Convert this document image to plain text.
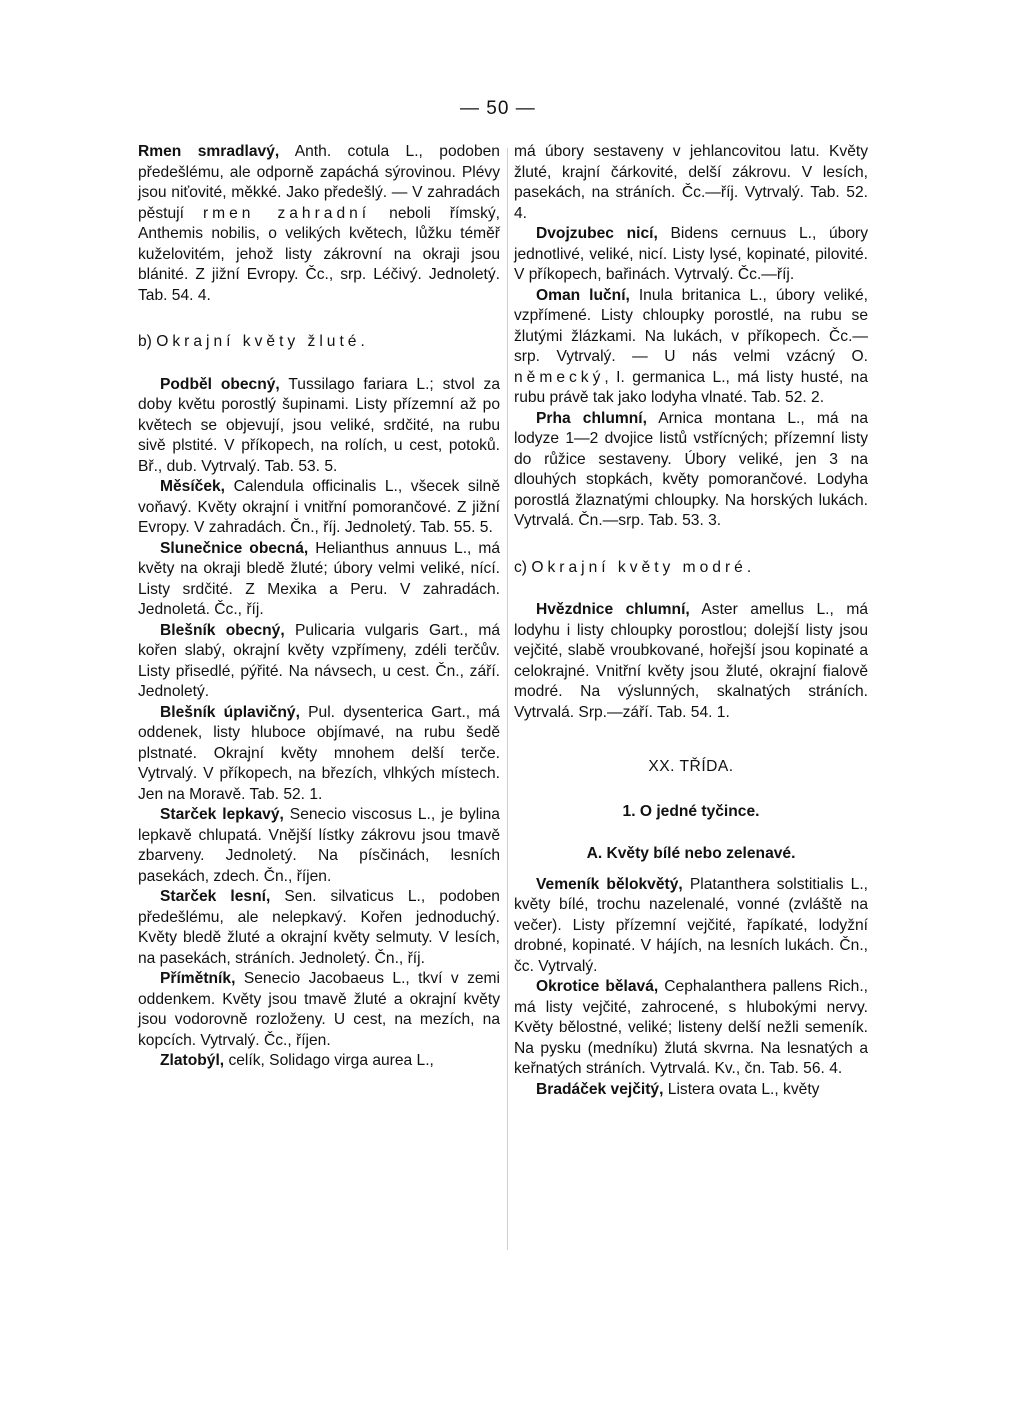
— 50 —

Rmen smradlavý, Anth. cotula L., podoben předešlému, ale odporně zapáchá sýrovinou. Plévy jsou niťovité, měkké. Jako předešlý. — V zahradách pěstují rmen zahradní neboli římský, Anthemis nobilis, o velikých květech, lůžku téměř kuželovitém, jehož listy zákrovní na okraji jsou blánité. Z jižní Evropy. Čc., srp. Léčivý. Jednoletý. Tab. 54. 4.

b) Okrajní květy žluté.

Podběl obecný, Tussilago fariara L.; stvol za doby květu porostlý šupinami. Listy přízemní až po květech se objevují, jsou veliké, srdčité, na rubu sivě plstité. V příkopech, na rolích, u cest, potoků. Bř., dub. Vytrvalý. Tab. 53. 5.

Měsíček, Calendula officinalis L., všecek silně voňavý. Květy okrajní i vnitřní pomorančové. Z jižní Evropy. V zahradách. Čn., říj. Jednoletý. Tab. 55. 5.

Slunečnice obecná, Helianthus annuus L., má květy na okraji bledě žluté; úbory velmi veliké, nící. Listy srdčité. Z Mexika a Peru. V zahradách. Jednoletá. Čc., říj.

Blešník obecný, Pulicaria vulgaris Gart., má kořen slabý, okrajní květy vzpřímeny, zdéli terčův. Listy přisedlé, pýřité. Na návsech, u cest. Čn., září. Jednoletý.

Blešník úplavičný, Pul. dysenterica Gart., má oddenek, listy hluboce objímavé, na rubu šedě plstnaté. Okrajní květy mnohem delší terče. Vytrvalý. V příkopech, na březích, vlhkých místech. Jen na Moravě. Tab. 52. 1.

Starček lepkavý, Senecio viscosus L., je bylina lepkavě chlupatá. Vnější lístky zákrovu jsou tmavě zbarveny. Jednoletý. Na písčinách, lesních pasekách, zdech. Čn., říjen.

Starček lesní, Sen. silvaticus L., podoben předešlému, ale nelepkavý. Kořen jednoduchý. Květy bledě žluté a okrajní květy selmuty. V lesích, na pasekách, stráních. Jednoletý. Čn., říj.

Přímětník, Senecio Jacobaeus L., tkví v zemi oddenkem. Květy jsou tmavě žluté a okrajní květy jsou vodorovně rozloženy. U cest, na mezích, na kopcích. Vytrvalý. Čc., říjen.

Zlatobýl, celík, Solidago virga aurea L.,

má úbory sestaveny v jehlancovitou latu. Květy žluté, krajní čárkovité, delší zákrovu. V lesích, pasekách, na stráních. Čc.—říj. Vytrvalý. Tab. 52. 4.

Dvojzubec nicí, Bidens cernuus L., úbory jednotlivé, veliké, nicí. Listy lysé, kopinaté, pilovité. V příkopech, bařinách. Vytrvalý. Čc.—říj.

Oman luční, Inula britanica L., úbory veliké, vzpřímené. Listy chloupky porostlé, na rubu se žlutými žlázkami. Na lukách, v příkopech. Čc.—srp. Vytrvalý. — U nás velmi vzácný O. německý, I. germanica L., má listy husté, na rubu právě tak jako lodyha vlnaté. Tab. 52. 2.

Prha chlumní, Arnica montana L., má na lodyze 1—2 dvojice listů vstřícných; přízemní listy do růžice sestaveny. Úbory veliké, jen 3 na dlouhých stopkách, květy pomorančové. Lodyha porostlá žlaznatými chloupky. Na horských lukách. Vytrvalá. Čn.—srp. Tab. 53. 3.

c) Okrajní květy modré.

Hvězdnice chlumní, Aster amellus L., má lodyhu i listy chloupky porostlou; dolejší listy jsou vejčité, slabě vroubkované, hořejší jsou kopinaté a celokrajné. Vnitřní květy jsou žluté, okrajní fialově modré. Na výslunných, skalnatých stráních. Vytrvalá. Srp.—září. Tab. 54. 1.

XX. TŘÍDA.

1. O jedné tyčince.

A. Květy bílé nebo zelenavé.

Vemeník bělokvětý, Platanthera solstitialis L., květy bílé, trochu nazelenalé, vonné (zvláště na večer). Listy přízemní vejčité, řapíkaté, lodyžní drobné, kopinaté. V hájích, na lesních lukách. Čn., čc. Vytrvalý.

Okrotice bělavá, Cephalanthera pallens Rich., má listy vejčité, zahrocené, s hlubokými nervy. Květy bělostné, veliké; listeny delší nežli semeník. Na pysku (medníku) žlutá skvrna. Na lesnatých a keřnatých stráních. Vytrvalá. Kv., čn. Tab. 56. 4.

Bradáček vejčitý, Listera ovata L., květy
